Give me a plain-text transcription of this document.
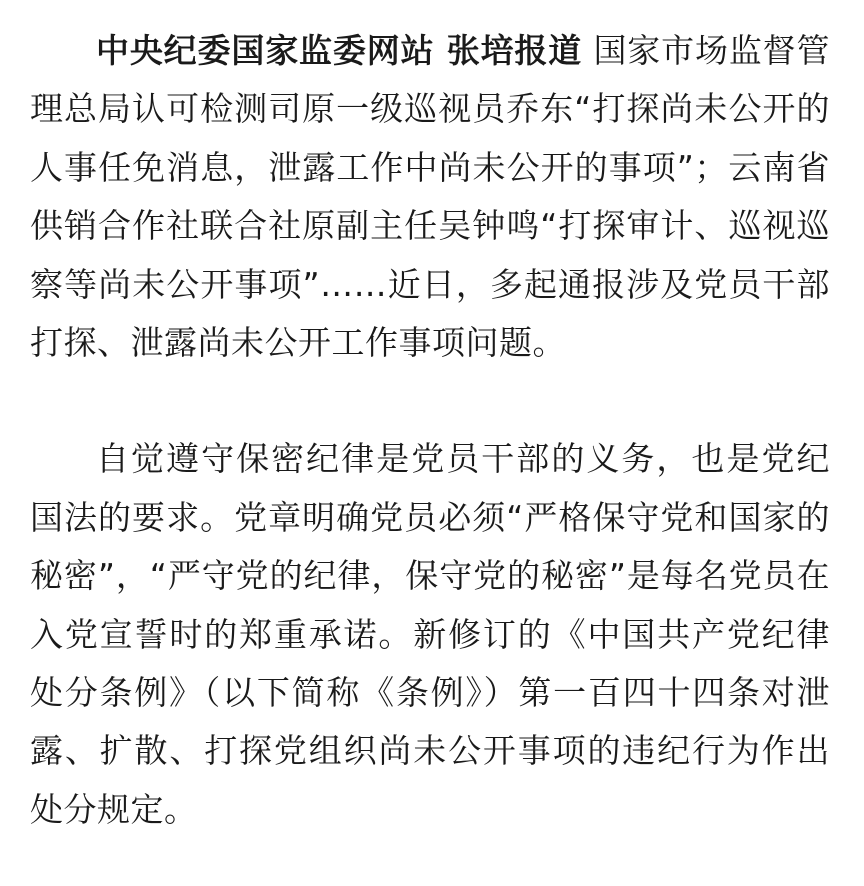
中央纪委国家监委网站 张培报道 国家市场监督管理总局认可检测司原一级巡视员乔东“打探尚未公开的人事任免消息，泄露工作中尚未公开的事项”；云南省供销合作社联合社原副主任吴钟鸣“打探审计、巡视巡察等尚未公开事项”……近日，多起通报涉及党员干部打探、泄露尚未公开工作事项问题。

自觉遵守保密纪律是党员干部的义务，也是党纪国法的要求。党章明确党员必须“严格保守党和国家的秘密”，“严守党的纪律，保守党的秘密”是每名党员在入党宣誓时的郑重承诺。新修订的《中国共产党纪律处分条例》（以下简称《条例》）第一百四十四条对泄露、扩散、打探党组织尚未公开事项的违纪行为作出处分规定。
